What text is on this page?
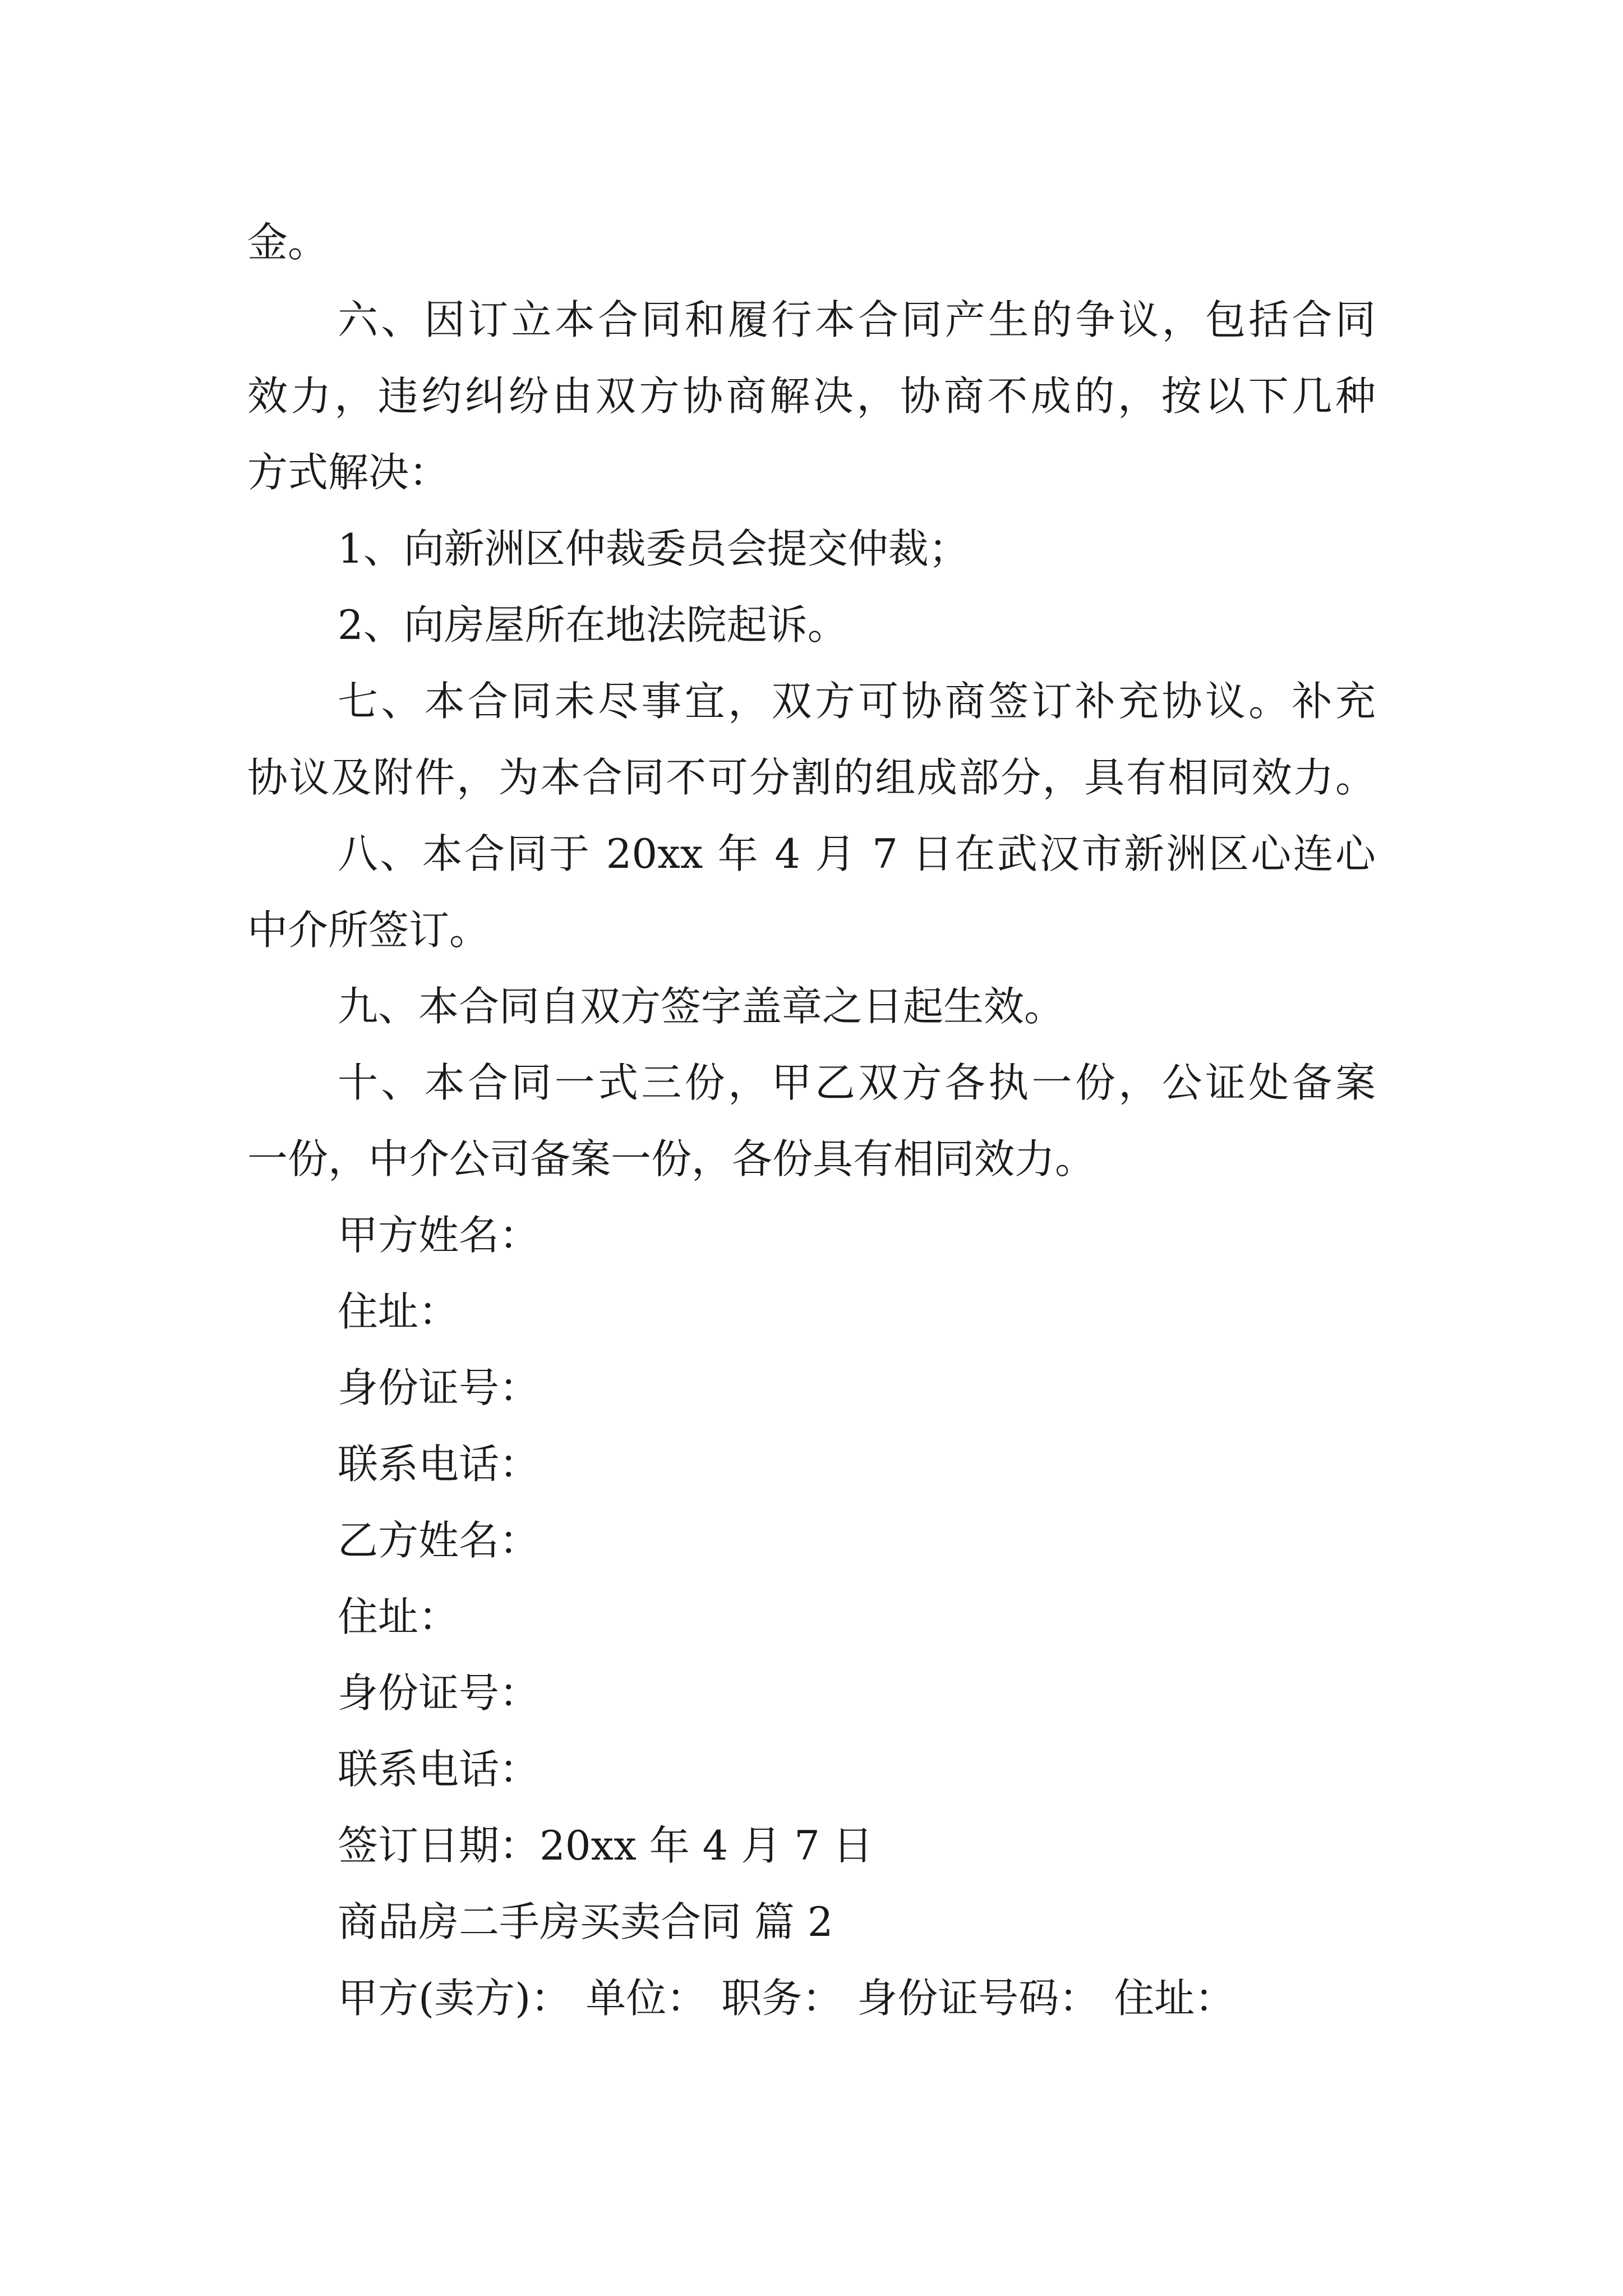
金。

六、因订立本合同和履行本合同产生的争议，包括合同

效力，违约纠纷由双方协商解决，协商不成的，按以下几种

方式解决：

1、向新洲区仲裁委员会提交仲裁；

2、向房屋所在地法院起诉。

七、本合同未尽事宜，双方可协商签订补充协议。补充

协议及附件，为本合同不可分割的组成部分，具有相同效力。

八、本合同于 20xx 年 4 月 7 日在武汉市新洲区心连心

中介所签订。

九、本合同自双方签字盖章之日起生效。

十、本合同一式三份，甲乙双方各执一份，公证处备案

一份，中介公司备案一份，各份具有相同效力。

甲方姓名：

住址：

身份证号：

联系电话：

乙方姓名：

住址：

身份证号：

联系电话：

签订日期：20xx 年 4 月 7 日

商品房二手房买卖合同 篇 2

甲方(卖方)： 单位： 职务： 身份证号码： 住址：
